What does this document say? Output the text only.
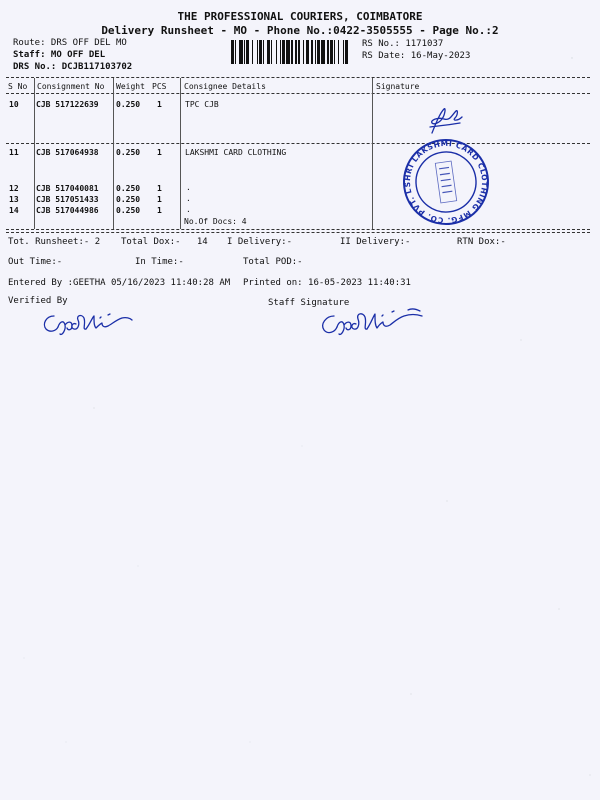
THE PROFESSIONAL COURIERS, COIMBATORE
Delivery Runsheet - MO - Phone No.:0422-3505555 - Page No.:2
Route: DRS OFF DEL MO
Staff: MO OFF DEL
DRS No.: DCJB117103702
RS No.: 1171037
RS Date: 16-May-2023
S No Consignment No Weight PCS Consignee Details	Signature
10 CJB 517122639 0.250 1	TPC CJB
11 CJB 517064938 0.250 1	LAKSHMI CARD CLOTHING
12 CJB 517040081 0.250 1	.
13 CJB 517051433 0.250 1	.
14 CJB 517044986 0.250 1	.
No.Of Docs: 4
SHRI LAKSHMI CARD CLOTHING MFG. CO. PVT. LTD.
Tot. Runsheet:- 2 Total Dox:-   14 I Delivery:-	II Delivery:-	RTN Dox:-
Out Time:-	In Time:-	Total POD:-
Entered By :GEETHA 05/16/2023 11:40:28 AM Printed on: 16-05-2023 11:40:31
Verified By	Staff Signature
